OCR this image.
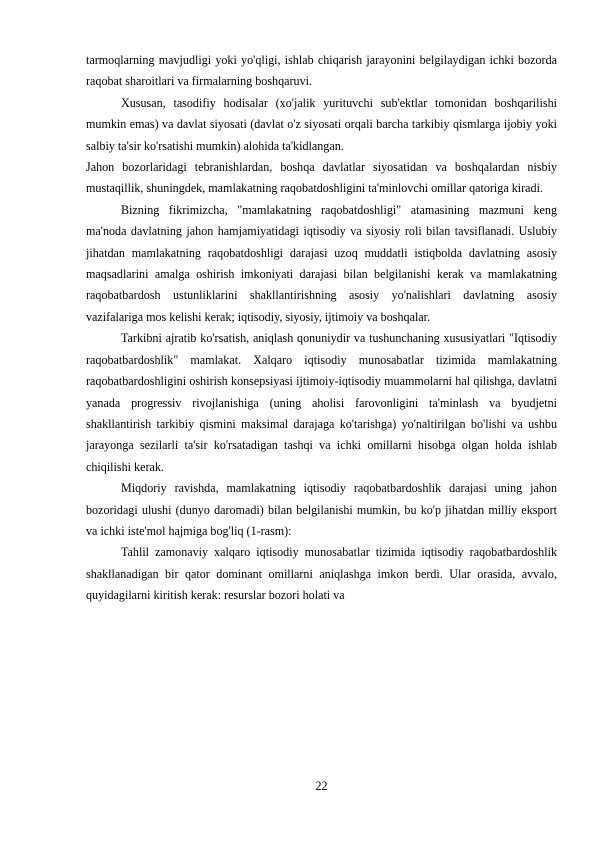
tarmoqlarning mavjudligi yoki yo'qligi, ishlab chiqarish jarayonini belgilaydigan ichki bozorda raqobat sharoitlari va firmalarning boshqaruvi.

Xususan, tasodifiy hodisalar (xo'jalik yurituvchi sub'ektlar tomonidan boshqarilishi mumkin emas) va davlat siyosati (davlat o'z siyosati orqali barcha tarkibiy qismlarga ijobiy yoki salbiy ta'sir ko'rsatishi mumkin) alohida ta'kidlangan.

Jahon bozorlaridagi tebranishlardan, boshqa davlatlar siyosatidan va boshqalardan nisbiy mustaqillik, shuningdek, mamlakatning raqobatdoshligini ta'minlovchi omillar qatoriga kiradi.

Bizning fikrimizcha, "mamlakatning raqobatdoshligi" atamasining mazmuni keng ma'noda davlatning jahon hamjamiyatidagi iqtisodiy va siyosiy roli bilan tavsiflanadi. Uslubiy jihatdan mamlakatning raqobatdoshligi darajasi uzoq muddatli istiqbolda davlatning asosiy maqsadlarini amalga oshirish imkoniyati darajasi bilan belgilanishi kerak va mamlakatning raqobatbardosh ustunliklarini shakllantirishning asosiy yo'nalishlari davlatning asosiy vazifalariga mos kelishi kerak; iqtisodiy, siyosiy, ijtimoiy va boshqalar.

Tarkibni ajratib ko'rsatish, aniqlash qonuniydir va tushunchaning xususiyatlari "Iqtisodiy raqobatbardoshlik" mamlakat. Xalqaro iqtisodiy munosabatlar tizimida mamlakatning raqobatbardoshligini oshirish konsepsiyasi ijtimoiy-iqtisodiy muammolarni hal qilishga, davlatni yanada progressiv rivojlanishiga (uning aholisi farovonligini ta'minlash va byudjetni shakllantirish tarkibiy qismini maksimal darajaga ko'tarishga) yo'naltirilgan bo'lishi va ushbu jarayonga sezilarli ta'sir ko'rsatadigan tashqi va ichki omillarni hisobga olgan holda ishlab chiqilishi kerak.

Miqdoriy ravishda, mamlakatning iqtisodiy raqobatbardoshlik darajasi uning jahon bozoridagi ulushi (dunyo daromadi) bilan belgilanishi mumkin, bu ko'p jihatdan milliy eksport va ichki iste'mol hajmiga bog'liq (1-rasm):

Tahlil zamonaviy xalqaro iqtisodiy munosabatlar tizimida iqtisodiy raqobatbardoshlik shakllanadigan bir qator dominant omillarni aniqlashga imkon berdi. Ular orasida, avvalo, quyidagilarni kiritish kerak: resurslar bozori holati va

22
